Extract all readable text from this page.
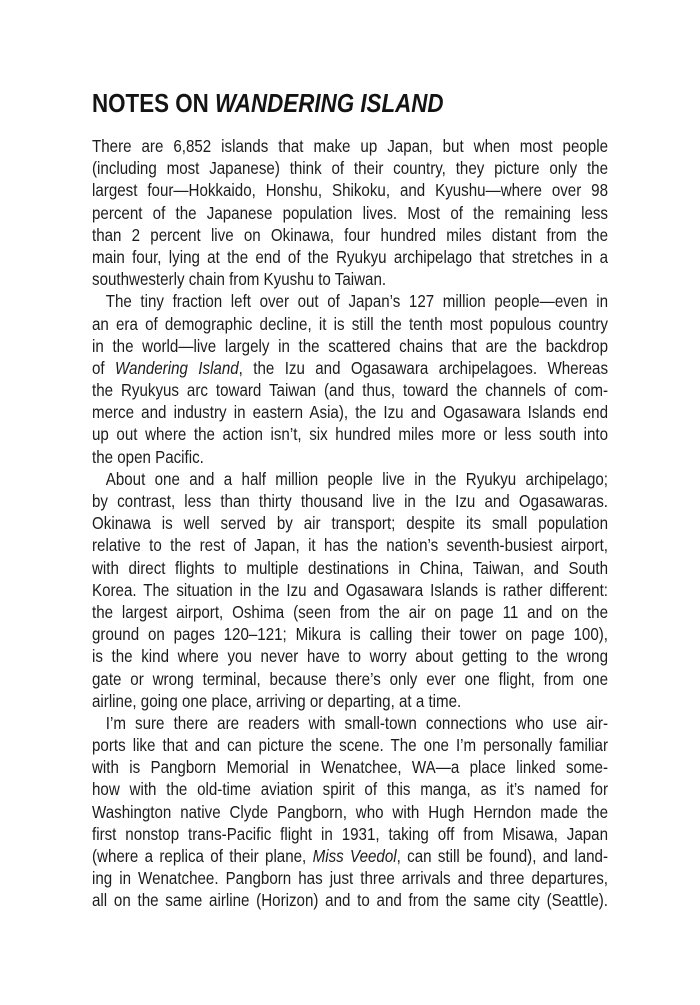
NOTES ON WANDERING ISLAND
There are 6,852 islands that make up Japan, but when most people
(including most Japanese) think of their country, they picture only the
largest four—Hokkaido, Honshu, Shikoku, and Kyushu—where over 98
percent of the Japanese population lives. Most of the remaining less
than 2 percent live on Okinawa, four hundred miles distant from the
main four, lying at the end of the Ryukyu archipelago that stretches in a
southwesterly chain from Kyushu to Taiwan.
The tiny fraction left over out of Japan’s 127 million people—even in
an era of demographic decline, it is still the tenth most populous country
in the world—live largely in the scattered chains that are the backdrop
of Wandering Island, the Izu and Ogasawara archipelagoes. Whereas
the Ryukyus arc toward Taiwan (and thus, toward the channels of com-
merce and industry in eastern Asia), the Izu and Ogasawara Islands end
up out where the action isn’t, six hundred miles more or less south into
the open Pacific.
About one and a half million people live in the Ryukyu archipelago;
by contrast, less than thirty thousand live in the Izu and Ogasawaras.
Okinawa is well served by air transport; despite its small population
relative to the rest of Japan, it has the nation’s seventh-busiest airport,
with direct flights to multiple destinations in China, Taiwan, and South
Korea. The situation in the Izu and Ogasawara Islands is rather different:
the largest airport, Oshima (seen from the air on page 11 and on the
ground on pages 120–121; Mikura is calling their tower on page 100),
is the kind where you never have to worry about getting to the wrong
gate or wrong terminal, because there’s only ever one flight, from one
airline, going one place, arriving or departing, at a time.
I’m sure there are readers with small-town connections who use air-
ports like that and can picture the scene. The one I’m personally familiar
with is Pangborn Memorial in Wenatchee, WA—a place linked some-
how with the old-time aviation spirit of this manga, as it’s named for
Washington native Clyde Pangborn, who with Hugh Herndon made the
first nonstop trans-Pacific flight in 1931, taking off from Misawa, Japan
(where a replica of their plane, Miss Veedol, can still be found), and land-
ing in Wenatchee. Pangborn has just three arrivals and three departures,
all on the same airline (Horizon) and to and from the same city (Seattle).
